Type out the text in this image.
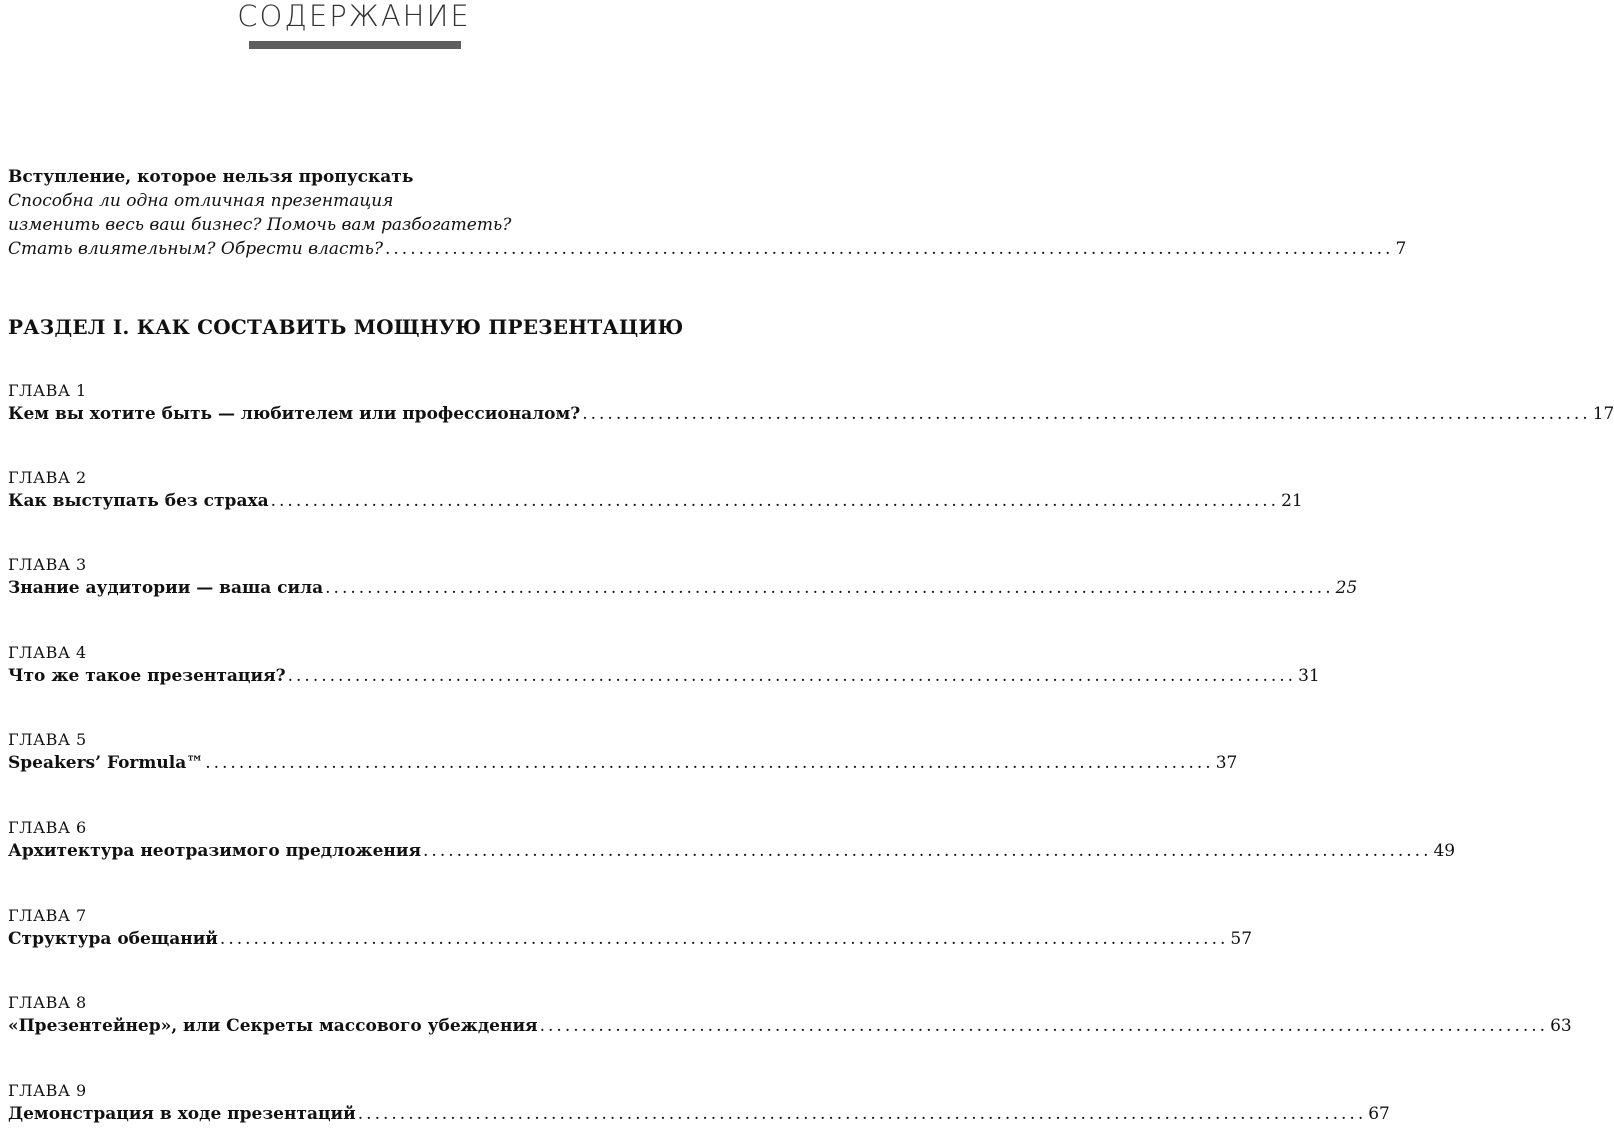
СОДЕРЖАНИЕ
Вступление, которое нельзя пропускать
Способна ли одна отличная презентация
изменить весь ваш бизнес? Помочь вам разбогатеть?
Стать влиятельным? Обрести власть? ........................................................................................................................ 7
РАЗДЕЛ I. КАК СОСТАВИТЬ МОЩНУЮ ПРЕЗЕНТАЦИЮ
ГЛАВА 1
Кем вы хотите быть — любителем или профессионалом? ........................................................................................................................ 17
ГЛАВА 2
Как выступать без страха ........................................................................................................................ 21
ГЛАВА 3
Знание аудитории — ваша сила ........................................................................................................................ 25
ГЛАВА 4
Что же такое презентация? ........................................................................................................................ 31
ГЛАВА 5
Speakers’ Formula™ ........................................................................................................................ 37
ГЛАВА 6
Архитектура неотразимого предложения ........................................................................................................................ 49
ГЛАВА 7
Структура обещаний ........................................................................................................................ 57
ГЛАВА 8
«Презентейнер», или Секреты массового убеждения ........................................................................................................................ 63
ГЛАВА 9
Демонстрация в ходе презентаций ........................................................................................................................ 67
